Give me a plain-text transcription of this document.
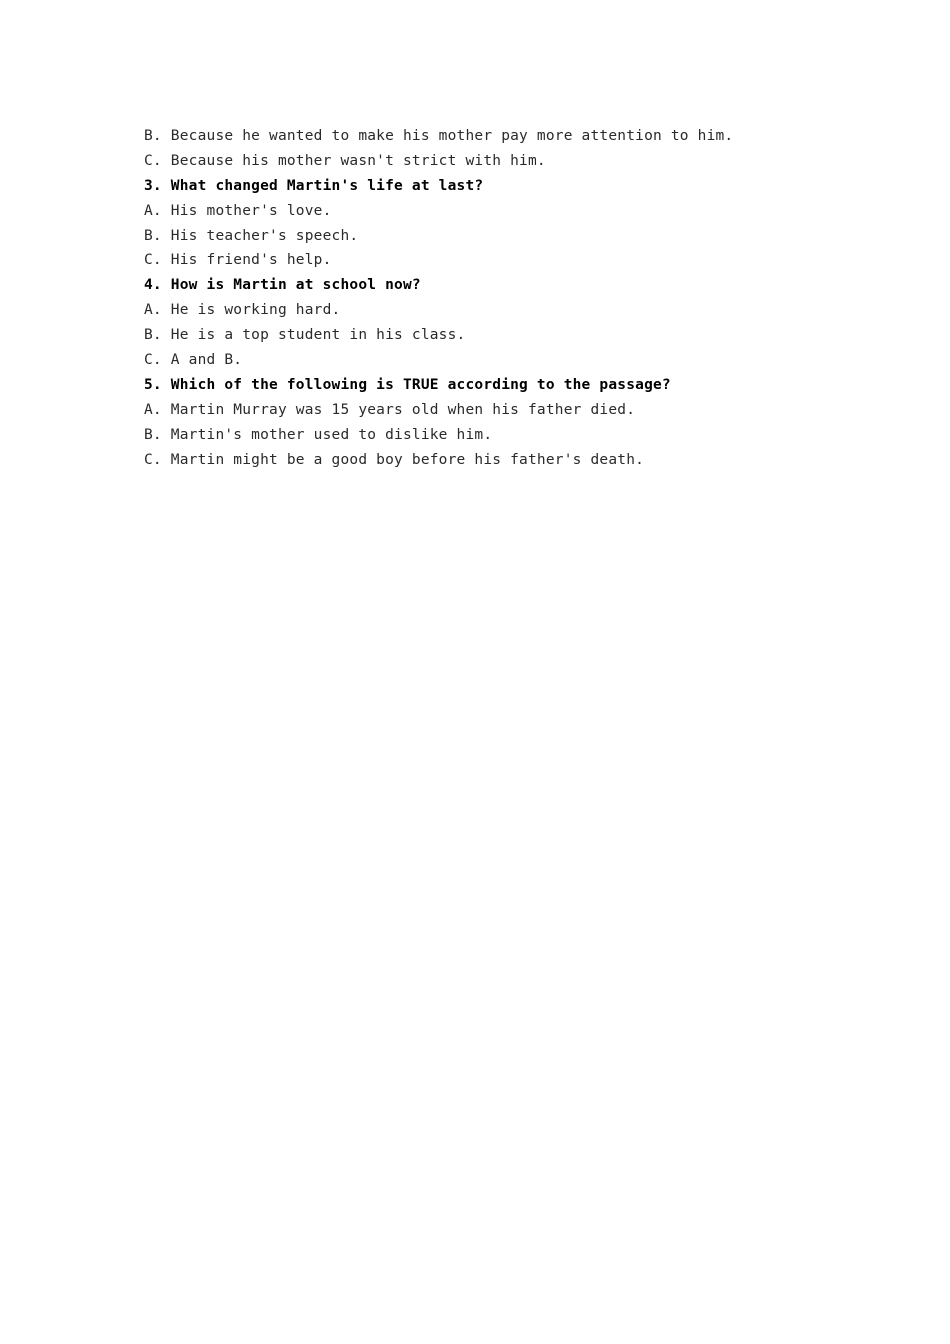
B. Because he wanted to make his mother pay more attention to him.
C. Because his mother wasn't strict with him.
3. What changed Martin's life at last?
A. His mother's love.
B. His teacher's speech.
C. His friend's help.
4. How is Martin at school now?
A. He is working hard.
B. He is a top student in his class.
C. A and B.
5. Which of the following is TRUE according to the passage?
A. Martin Murray was 15 years old when his father died.
B. Martin's mother used to dislike him.
C. Martin might be a good boy before his father's death.
